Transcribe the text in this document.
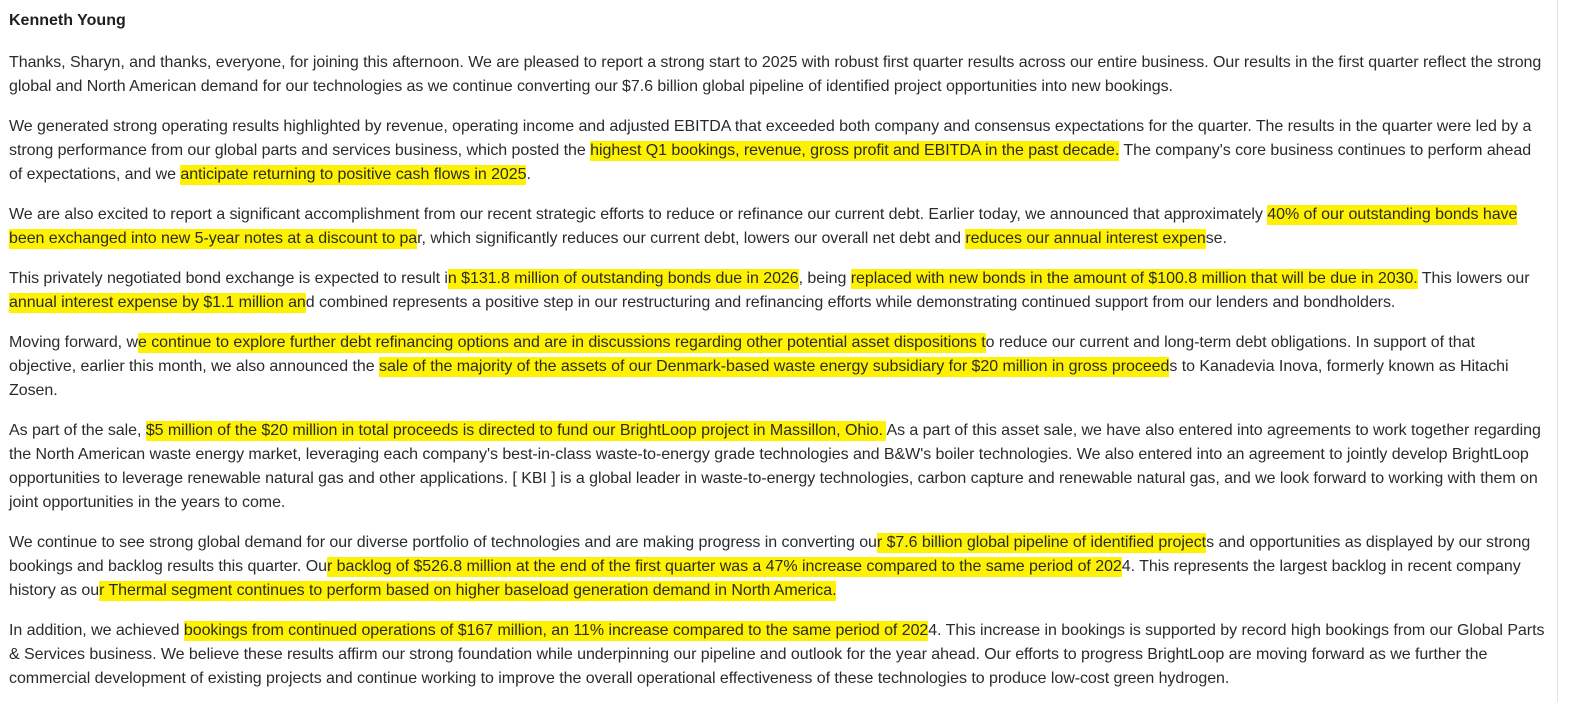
Kenneth Young

Thanks, Sharyn, and thanks, everyone, for joining this afternoon. We are pleased to report a strong start to 2025 with robust first quarter results across our entire business. Our results in the first quarter reflect the strong global and North American demand for our technologies as we continue converting our $7.6 billion global pipeline of identified project opportunities into new bookings.

We generated strong operating results highlighted by revenue, operating income and adjusted EBITDA that exceeded both company and consensus expectations for the quarter. The results in the quarter were led by a strong performance from our global parts and services business, which posted the highest Q1 bookings, revenue, gross profit and EBITDA in the past decade. The company's core business continues to perform ahead of expectations, and we anticipate returning to positive cash flows in 2025.

We are also excited to report a significant accomplishment from our recent strategic efforts to reduce or refinance our current debt. Earlier today, we announced that approximately 40% of our outstanding bonds have been exchanged into new 5-year notes at a discount to par, which significantly reduces our current debt, lowers our overall net debt and reduces our annual interest expense.

This privately negotiated bond exchange is expected to result in $131.8 million of outstanding bonds due in 2026, being replaced with new bonds in the amount of $100.8 million that will be due in 2030. This lowers our annual interest expense by $1.1 million and combined represents a positive step in our restructuring and refinancing efforts while demonstrating continued support from our lenders and bondholders.

Moving forward, we continue to explore further debt refinancing options and are in discussions regarding other potential asset dispositions to reduce our current and long-term debt obligations. In support of that objective, earlier this month, we also announced the sale of the majority of the assets of our Denmark-based waste energy subsidiary for $20 million in gross proceeds to Kanadevia Inova, formerly known as Hitachi Zosen.

As part of the sale, $5 million of the $20 million in total proceeds is directed to fund our BrightLoop project in Massillon, Ohio. As a part of this asset sale, we have also entered into agreements to work together regarding the North American waste energy market, leveraging each company's best-in-class waste-to-energy grade technologies and B&W's boiler technologies. We also entered into an agreement to jointly develop BrightLoop opportunities to leverage renewable natural gas and other applications. [ KBI ] is a global leader in waste-to-energy technologies, carbon capture and renewable natural gas, and we look forward to working with them on joint opportunities in the years to come.

We continue to see strong global demand for our diverse portfolio of technologies and are making progress in converting our $7.6 billion global pipeline of identified projects and opportunities as displayed by our strong bookings and backlog results this quarter. Our backlog of $526.8 million at the end of the first quarter was a 47% increase compared to the same period of 2024. This represents the largest backlog in recent company history as our Thermal segment continues to perform based on higher baseload generation demand in North America.

In addition, we achieved bookings from continued operations of $167 million, an 11% increase compared to the same period of 2024. This increase in bookings is supported by record high bookings from our Global Parts & Services business. We believe these results affirm our strong foundation while underpinning our pipeline and outlook for the year ahead. Our efforts to progress BrightLoop are moving forward as we further the commercial development of existing projects and continue working to improve the overall operational effectiveness of these technologies to produce low-cost green hydrogen.
